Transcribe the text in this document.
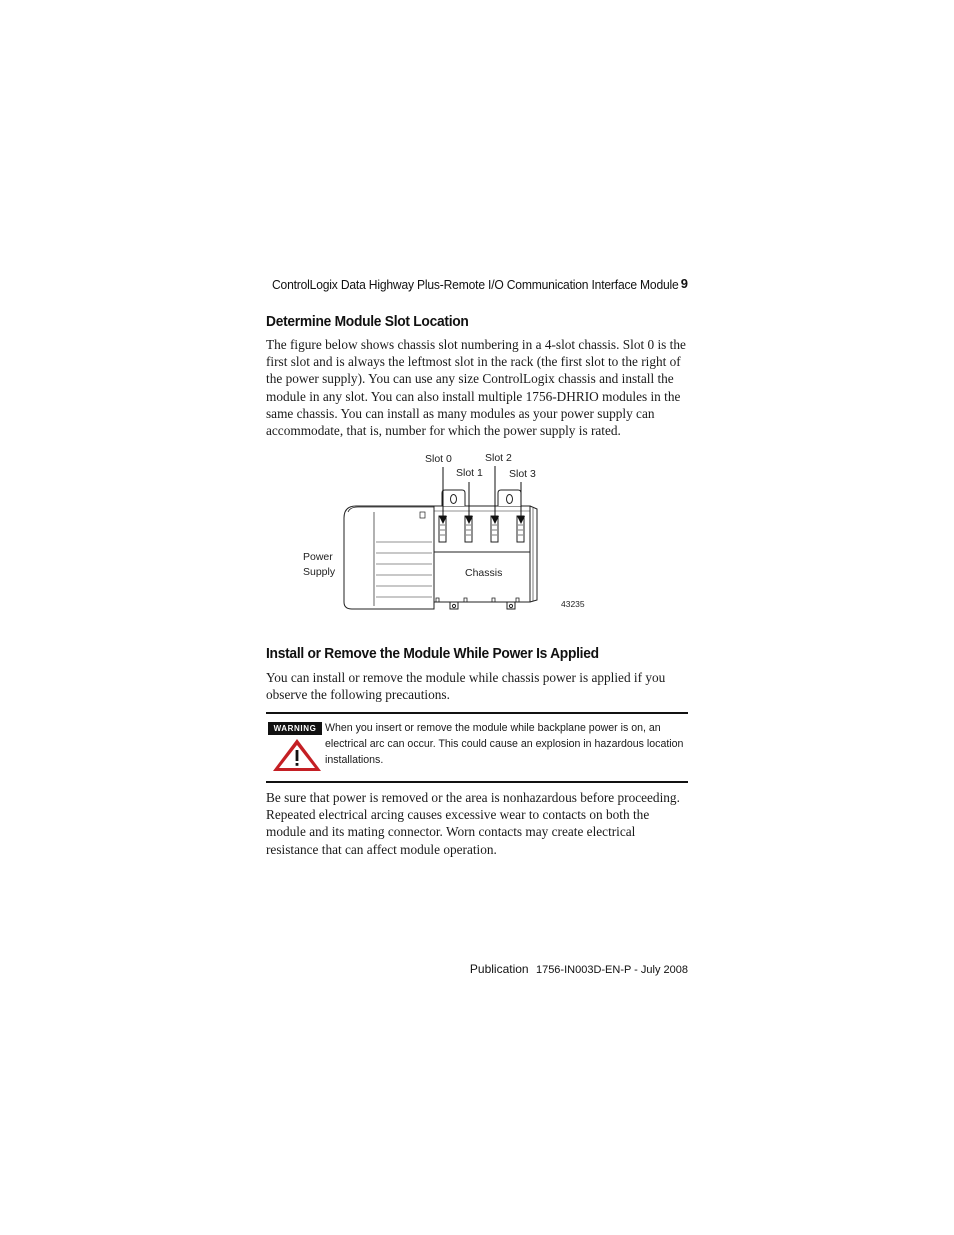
ControlLogix Data Highway Plus-Remote I/O Communication Interface Module 9
Determine Module Slot Location

The figure below shows chassis slot numbering in a 4-slot chassis. Slot 0 is the first slot and is always the leftmost slot in the rack (the first slot to the right of the power supply). You can use any size ControlLogix chassis and install the module in any slot. You can also install multiple 1756-DHRIO modules in the same chassis. You can install as many modules as your power supply can accommodate, that is, number for which the power supply is rated.

Slot 0
Slot 1
Slot 2
Slot 3
Power
Supply	Chassis
43235
Install or Remove the Module While Power Is Applied

You can install or remove the module while chassis power is applied if you observe the following precautions.

WARNING When you insert or remove the module while backplane power is on, an electrical arc can occur. This could cause an explosion in hazardous location installations.

Be sure that power is removed or the area is nonhazardous before proceeding. Repeated electrical arcing causes excessive wear to contacts on both the module and its mating connector. Worn contacts may create electrical resistance that can affect module operation.

Publication 1756-IN003D-EN-P - July 2008
